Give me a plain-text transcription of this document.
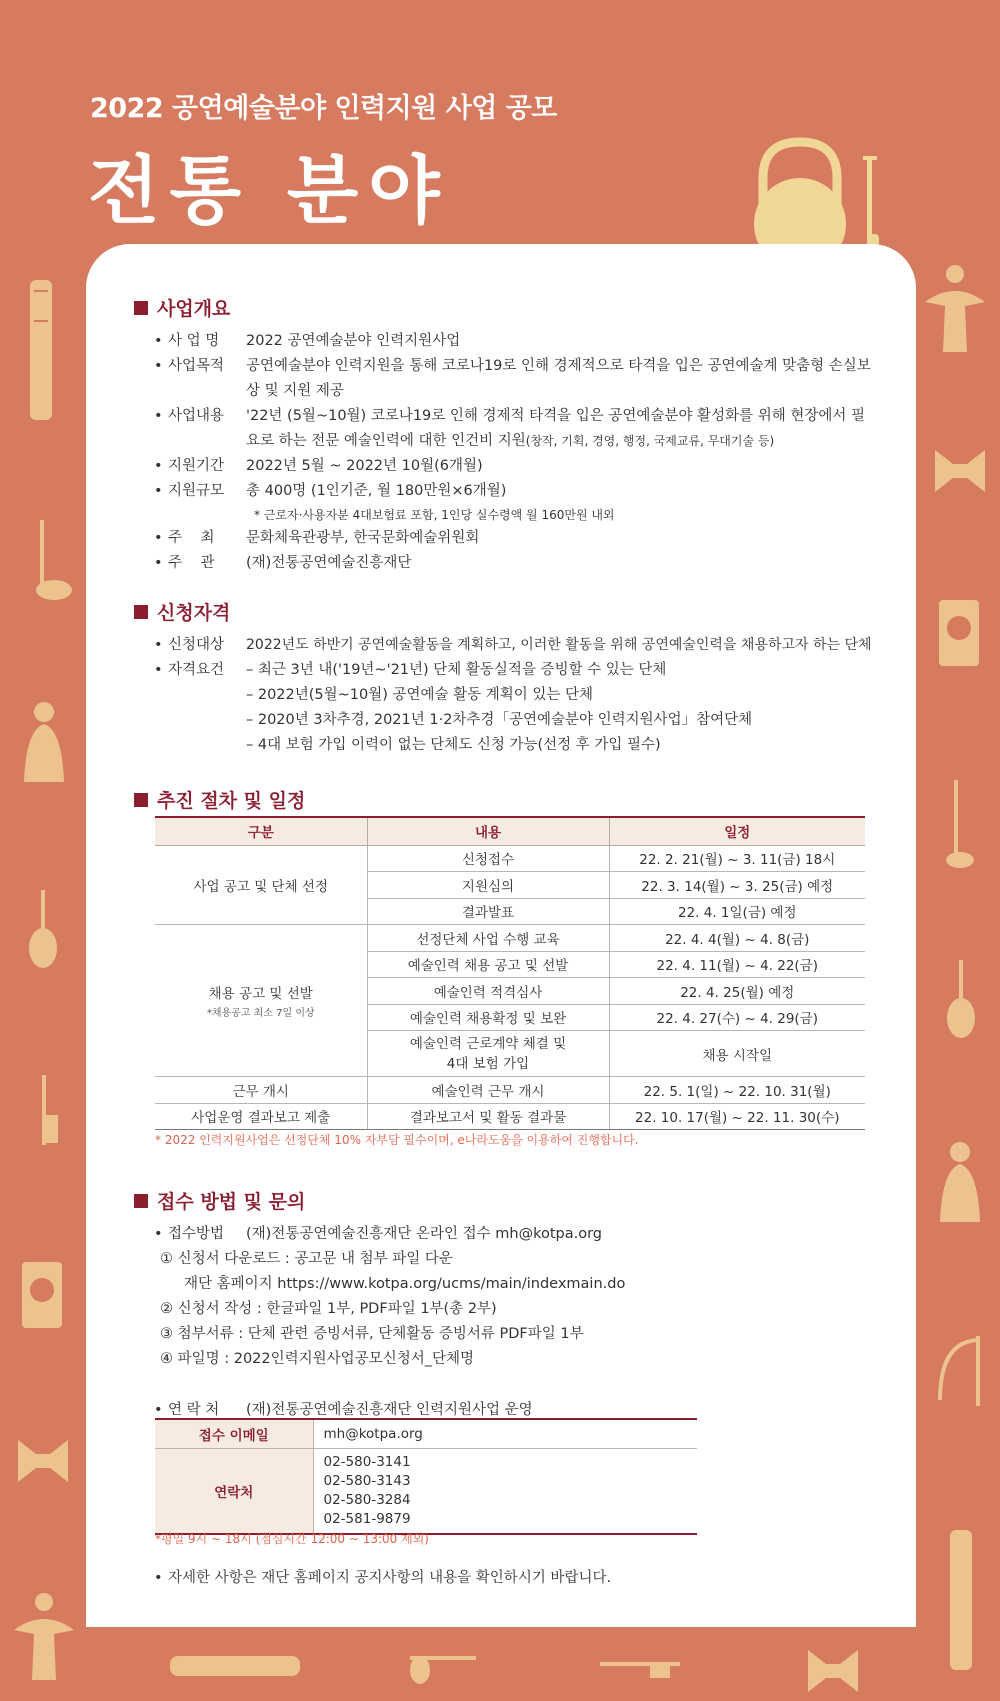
2022 공연예술분야 인력지원 사업 공모
전통 분야
사업개요
• 사 업 명	2022 공연예술분야 인력지원사업
• 사업목적	공연예술분야 인력지원을 통해 코로나19로 인해 경제적으로 타격을 입은 공연예술계 맞춤형 손실보상 및 지원 제공
• 사업내용	'22년 (5월~10월) 코로나19로 인해 경제적 타격을 입은 공연예술분야 활성화를 위해 현장에서 필요로 하는 전문 예술인력에 대한 인건비 지원(창작, 기획, 경영, 행정, 국제교류, 무대기술 등)
• 지원기간	2022년 5월 ~ 2022년 10월(6개월)
• 지원규모	총 400명 (1인기준, 월 180만원×6개월)
* 근로자·사용자분 4대보험료 포함, 1인당 실수령액 월 160만원 내외
• 주    최	문화체육관광부, 한국문화예술위원회
• 주    관	(재)전통공연예술진흥재단
신청자격
• 신청대상	2022년도 하반기 공연예술활동을 계획하고, 이러한 활동을 위해 공연예술인력을 채용하고자 하는 단체
• 자격요건	– 최근 3년 내('19년~'21년) 단체 활동실적을 증빙할 수 있는 단체
– 2022년(5월~10월) 공연예술 활동 계획이 있는 단체
– 2020년 3차추경, 2021년 1·2차추경「공연예술분야 인력지원사업」참여단체
– 4대 보험 가입 이력이 없는 단체도 신청 가능(선정 후 가입 필수)
추진 절차 및 일정
구분	내용	일정
사업 공고 및 단체 선정	신청접수	22. 2. 21(월) ~ 3. 11(금) 18시
	지원심의	22. 3. 14(월) ~ 3. 25(금) 예정
	결과발표	22. 4. 1일(금) 예정

채용 공고 및 선발
*채용공고 최소 7일 이상	선정단체 사업 수행 교육	22. 4. 4(월) ~ 4. 8(금)
	예술인력 채용 공고 및 선발	22. 4. 11(월) ~ 4. 22(금)
	예술인력 적격심사	22. 4. 25(월) 예정
	예술인력 채용확정 및 보완	22. 4. 27(수) ~ 4. 29(금)

	예술인력 근로계약 체결 및
4대 보험 가입	채용 시작일
근무 개시	예술인력 근무 개시	22. 5. 1(일) ~ 22. 10. 31(월)
사업운영 결과보고 제출	결과보고서 및 활동 결과물	22. 10. 17(월) ~ 22. 11. 30(수)
* 2022 인력지원사업은 선정단체 10% 자부담 필수이며, e나라도움을 이용하여 진행합니다.
접수 방법 및 문의
• 접수방법	(재)전통공연예술진흥재단 온라인 접수 mh@kotpa.org
① 신청서 다운로드 : 공고문 내 첨부 파일 다운
재단 홈페이지 https://www.kotpa.org/ucms/main/indexmain.do
② 신청서 작성 : 한글파일 1부, PDF파일 1부(총 2부)
③ 첨부서류 : 단체 관련 증빙서류, 단체활동 증빙서류 PDF파일 1부
④ 파일명 : 2022인력지원사업공모신청서_단체명
• 연 락 처	(재)전통공연예술진흥재단 인력지원사업 운영
접수 이메일	mh@kotpa.org
연락처	02-580-3141
02-580-3143
02-580-3284
02-581-9879
*평일 9시 ~ 18시 (점심시간 12:00 ~ 13:00 제외)
• 자세한 사항은 재단 홈페이지 공지사항의 내용을 확인하시기 바랍니다.
